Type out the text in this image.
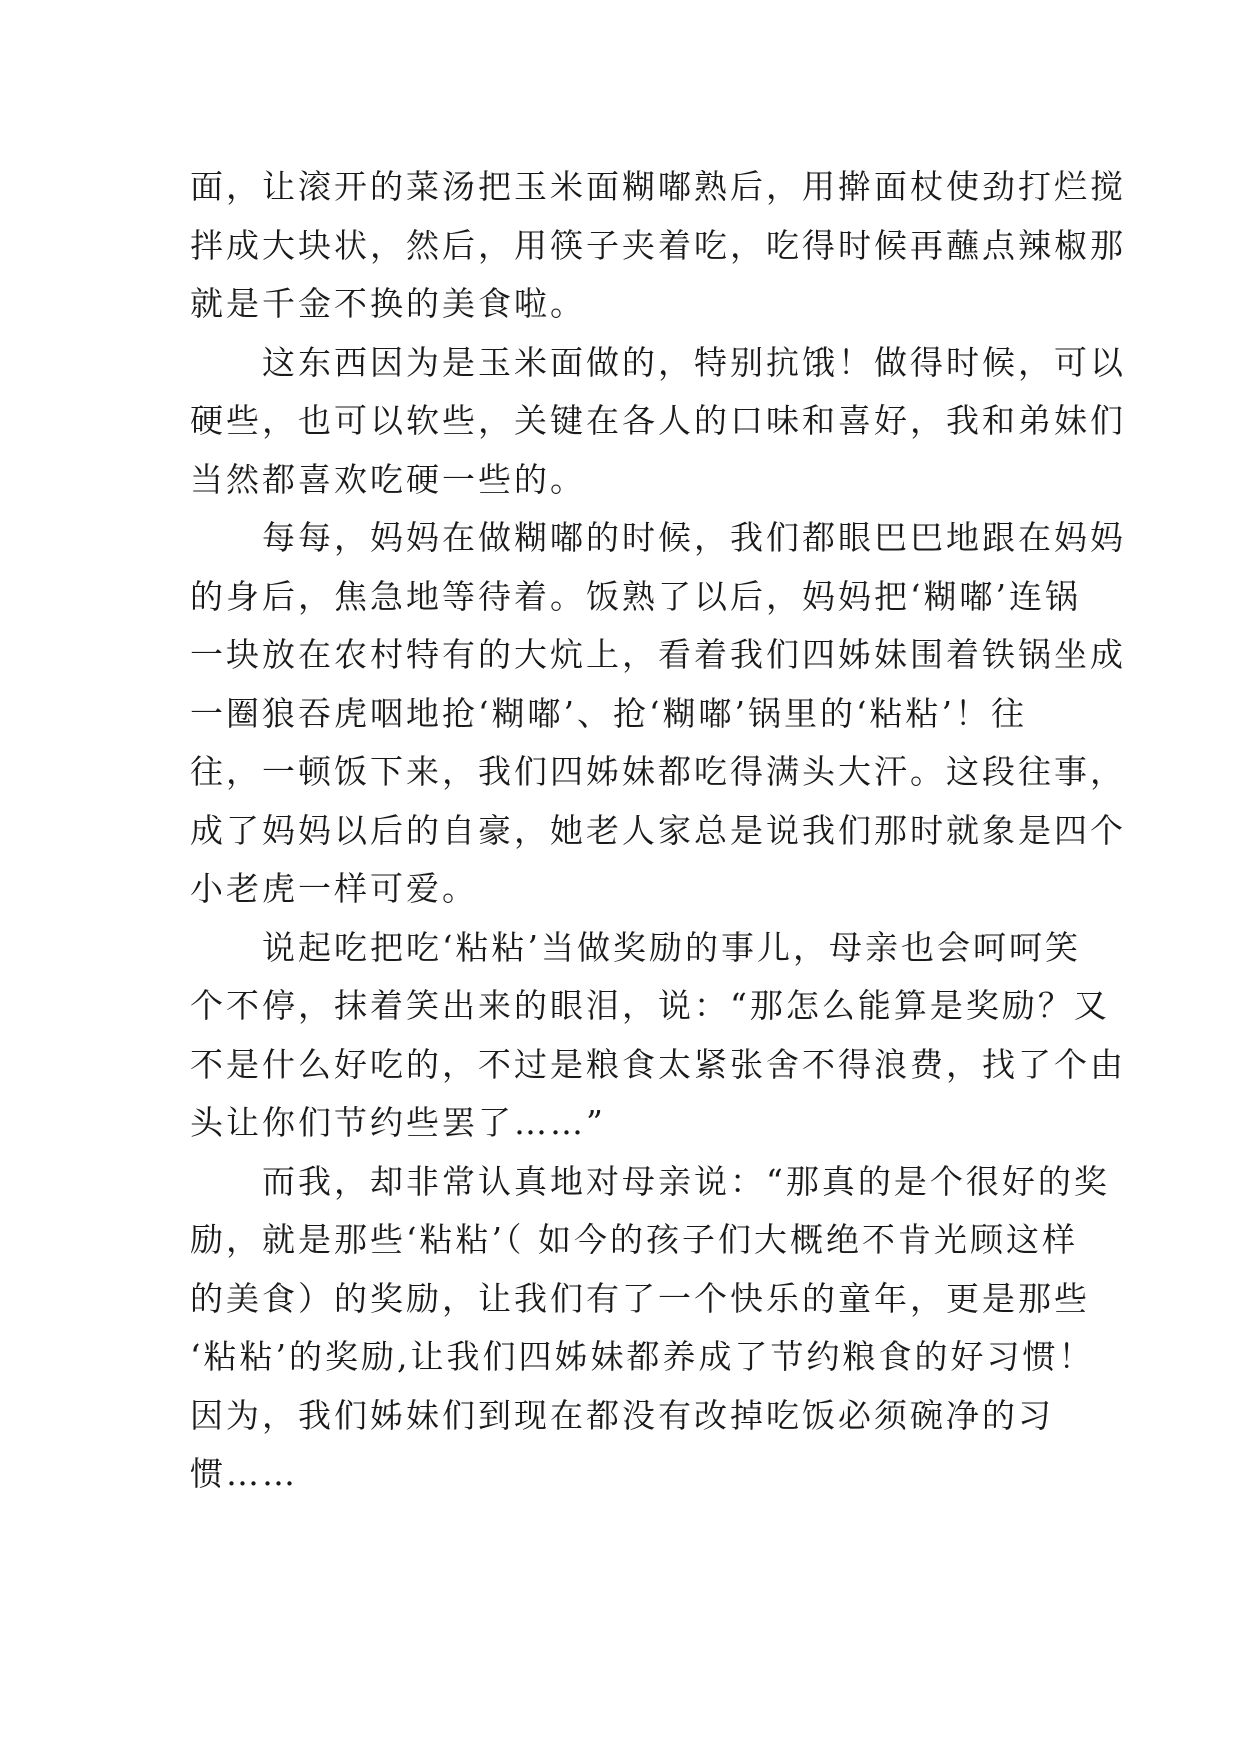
面，让滚开的菜汤把玉米面糊嘟熟后，用擀面杖使劲打烂搅
拌成大块状，然后，用筷子夹着吃，吃得时候再蘸点辣椒那
就是千金不换的美食啦。
　　这东西因为是玉米面做的，特别抗饿！做得时候，可以
硬些，也可以软些，关键在各人的口味和喜好，我和弟妹们
当然都喜欢吃硬一些的。
　　每每，妈妈在做糊嘟的时候，我们都眼巴巴地跟在妈妈
的身后，焦急地等待着。饭熟了以后，妈妈把‘糊嘟’连锅
一块放在农村特有的大炕上，看着我们四姊妹围着铁锅坐成
一圈狼吞虎咽地抢‘糊嘟’、抢‘糊嘟’锅里的‘粘粘’！往
往，一顿饭下来，我们四姊妹都吃得满头大汗。这段往事，
成了妈妈以后的自豪，她老人家总是说我们那时就象是四个
小老虎一样可爱。
　　说起吃把吃‘粘粘’当做奖励的事儿，母亲也会呵呵笑
个不停，抹着笑出来的眼泪，说：“那怎么能算是奖励？又
不是什么好吃的，不过是粮食太紧张舍不得浪费，找了个由
头让你们节约些罢了……”
　　而我，却非常认真地对母亲说：“那真的是个很好的奖
励，就是那些‘粘粘’（ 如今的孩子们大概绝不肯光顾这样
的美食）的奖励，让我们有了一个快乐的童年，更是那些
‘粘粘’的奖励,让我们四姊妹都养成了节约粮食的好习惯！
因为，我们姊妹们到现在都没有改掉吃饭必须碗净的习
惯……
